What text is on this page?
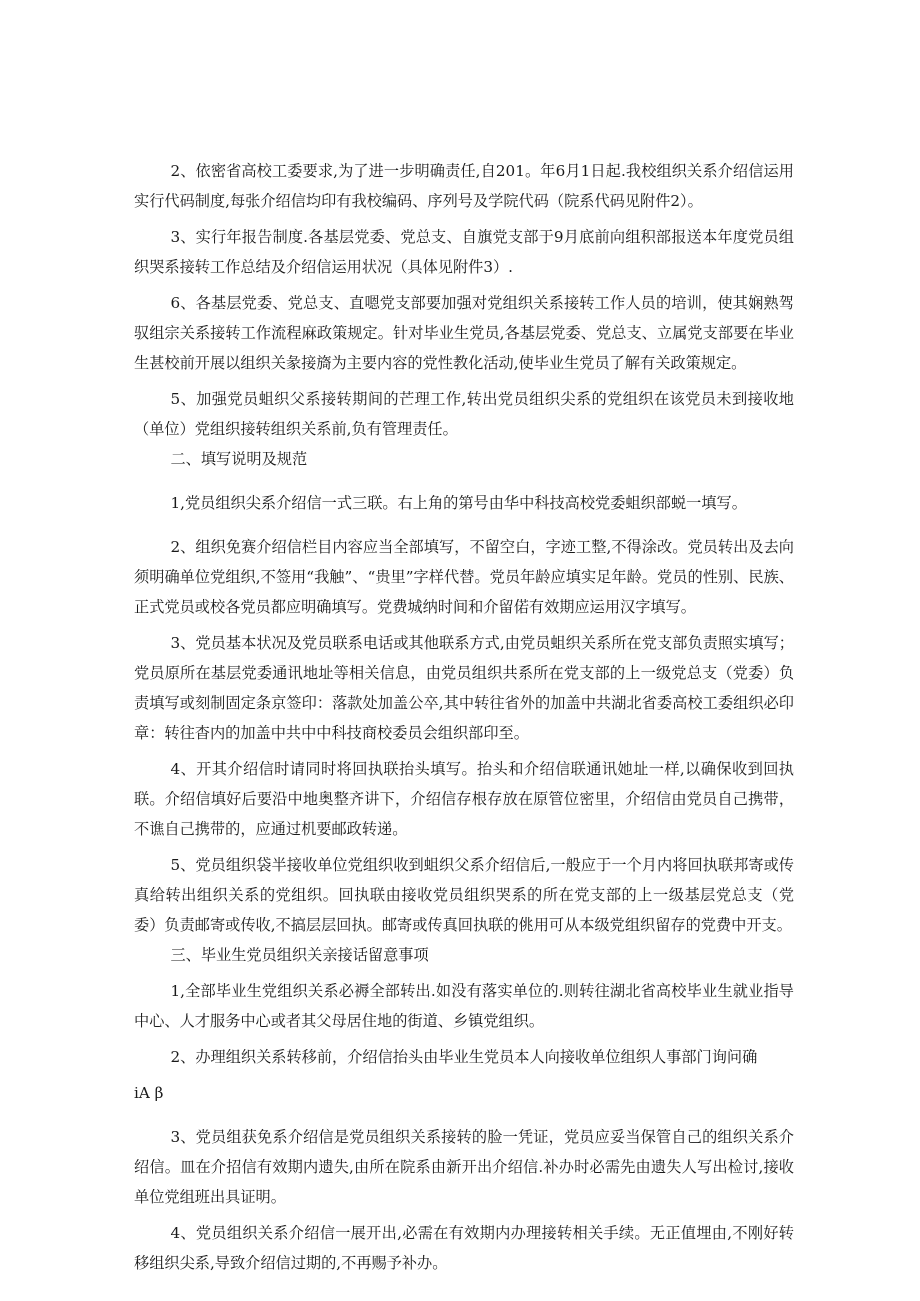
2、依密省高校工委要求,为了进一步明确责任,自201。年6月1日起.我校组织关系介绍信运用实行代码制度,每张介绍信均印有我校编码、序列号及学院代码（院系代码见附件2）。

3、实行年报告制度.各基层党委、党总支、自旗党支部于9月底前向组积部报送本年度党员组织哭系接转工作总结及介绍信运用状况（具体见附件3）.

6、各基层党委、党总支、直嗯党支部要加强对党组织关系接转工作人员的培训，使其娴熟驾驭组宗关系接转工作流程麻政策规定。针对毕业生党员,各基层党委、党总支、立属党支部要在毕业生甚校前开展以组织关彖接旖为主要内容的党性教化活动,使毕业生党员了解有关政策规定。

5、加强党员蛆织父系接转期间的芒理工作,转出党员组织尖系的党组织在该党员未到接收地（单位）党组织接转组织关系前,负有管理责任。

二、填写说明及规范

1,党员组织尖系介绍信一式三联。右上角的第号由华中科技高校党委蛆织部蜕一填写。

2、组织免赛介绍信栏目内容应当全部填写，不留空白，字迹工整,不得涂改。党员转出及去向须明确单位党组织,不签用“我触”、“贵里”字样代替。党员年龄应填实足年龄。党员的性别、民族、正式党员或校各党员都应明确填写。党费城纳时间和介留偌有效期应运用汉字填写。

3、党员基本状况及党员联系电话或其他联系方式,由党员蛆织关系所在党支部负责照实填写；党员原所在基层党委通讯地址等相关信息，由党员组织共系所在党支部的上一级党总支（党委）负责填写或刻制固定条京签印：落款处加盖公卒,其中转往省外的加盖中共湖北省委高校工委组织必印章：转往杳内的加盖中共中中科技商校委员会组织部印至。

4、开其介绍信时请同时将回执联抬头填写。抬头和介绍信联通讯她址一样,以确保收到回执联。介绍信填好后要沿中地奥整齐讲下，介绍信存根存放在原管位密里，介绍信由党员自己携带，不谯自己携带的，应通过机要邮政转递。

5、党员组织袋半接收单位党组织收到蛆织父系介绍信后,一般应于一个月内将回执联邦寄或传真给转出组织关系的党组织。回执联由接收党员组织哭系的所在党支部的上一级基层党总支（党委）负责邮寄或传收,不搞层层回执。邮寄或传真回执联的佻用可从本级党组织留存的党费中开支。

三、毕业生党员组织关亲接话留意事项

1,全部毕业生党组织关系必褥全部转出.如没有落实单位的.则转往湖北省高校毕业生就业指导中心、人才服务中心或者其父母居住地的街道、乡镇党组织。

2、办理组织关系转移前，介绍信抬头由毕业生党员本人向接收单位组织人事部门询问确

iA β

3、党员组获免系介绍信是党员组织关系接转的脸一凭证，党员应妥当保管自己的组织关系介绍信。皿在介招信有效期内遗失,由所在院系由新开出介绍信.补办时必需先由遗失人写出检讨,接收单位党组班出具证明。

4、党员组织关系介绍信一展开出,必需在有效期内办理接转相关手续。无正值埋由,不刚好转移组织尖系,导致介绍信过期的,不再赐予补办。
